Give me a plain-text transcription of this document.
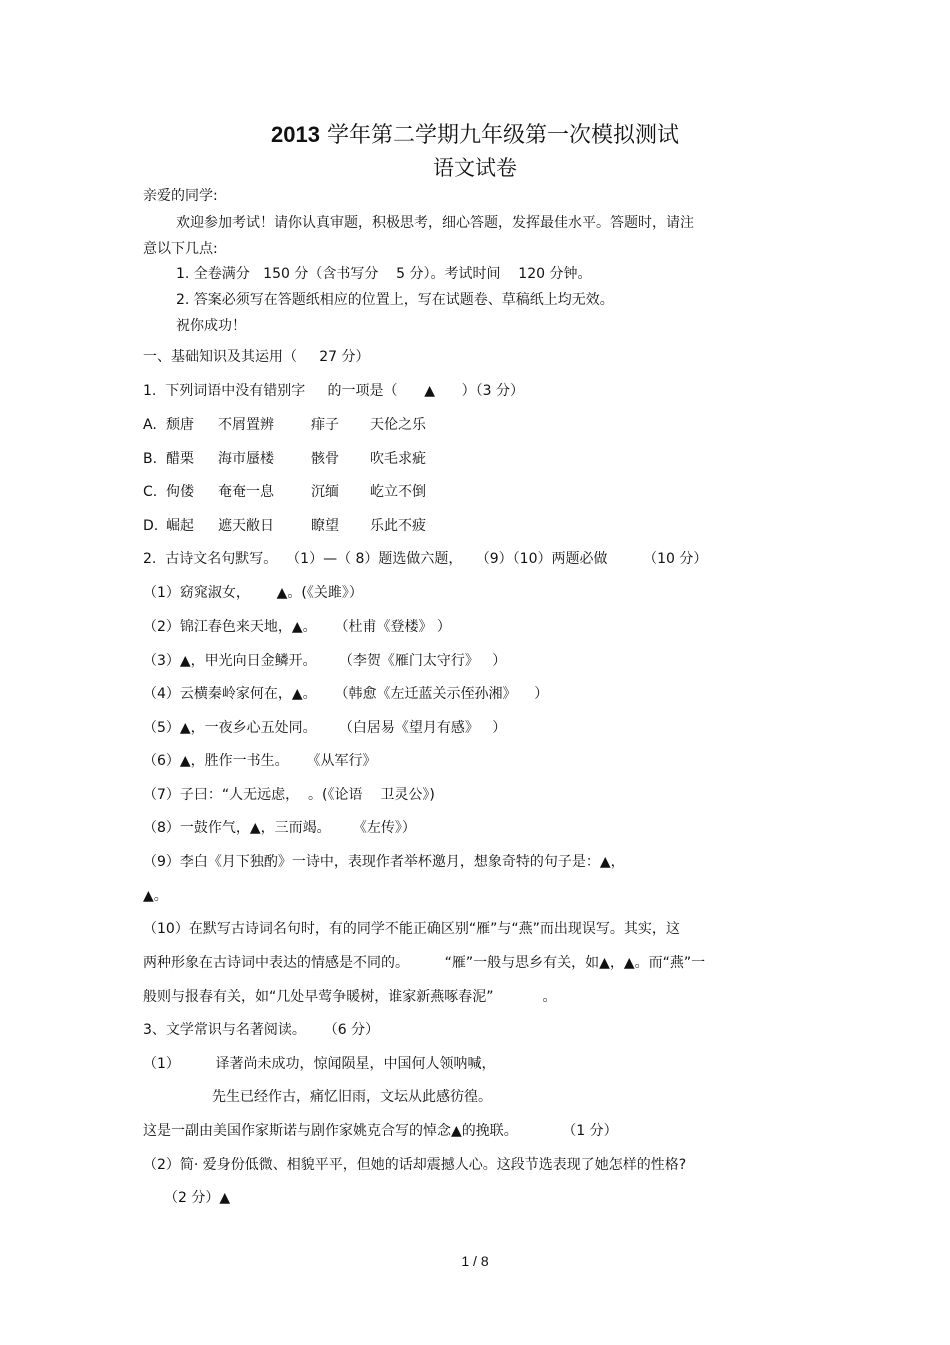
2013 学年第二学期九年级第一次模拟测试
语文试卷
亲爱的同学:
欢迎参加考试！请你认真审题，积极思考，细心答题，发挥最佳水平。答题时，请注
意以下几点:
1. 全卷满分   150 分（含书写分    5 分）。考试时间    120 分钟。
2. 答案必须写在答题纸相应的位置上，写在试题卷、草稿纸上均无效。
祝你成功！
一、基础知识及其运用（     27 分）
1.  下列词语中没有错别字     的一项是（      ▲      ）（3 分）
A. 颓唐 不屑置辨	痱子 天伦之乐
B. 醋栗 海市蜃楼	骸骨 吹毛求疵
C. 佝偻 奄奄一息	沉缅 屹立不倒
D. 崛起 遮天敝日	瞭望 乐此不疲
2.  古诗文名句默写。  （1）—（ 8）题选做六题，   （9）（10）两题必做        （10 分）
（1）窈窕淑女，      ▲。(《关雎》）
（2）锦江春色来天地，▲。    （杜甫《登楼》 ）
（3）▲，甲光向日金鳞开。     （李贺《雁门太守行》   ）
（4）云横秦岭家何在，▲。    （韩愈《左迁蓝关示侄孙湘》    ）
（5）▲，一夜乡心五处同。     （白居易《望月有感》   ）
（6）▲，胜作一书生。    《从军行》
（7）子曰：“人无远虑，  。(《论语    卫灵公》)
（8）一鼓作气，▲，三而竭。     《左传》）
（9）李白《月下独酌》一诗中，表现作者举杯邀月，想象奇特的句子是：▲，
▲。
（10）在默写古诗词名句时，有的同学不能正确区别“雁”与“燕”而出现误写。其实，这
两种形象在古诗词中表达的情感是不同的。        “雁”一般与思乡有关，如▲，▲。而“燕”一
般则与报春有关，如“几处早莺争暖树，谁家新燕啄春泥”           。
3、文学常识与名著阅读。    （6 分）
（1）        译著尚未成功，惊闻陨星，中国何人领呐喊，
先生已经作古，痛忆旧雨，文坛从此感彷徨。
这是一副由美国作家斯诺与剧作家姚克合写的悼念▲的挽联。          （1 分）
（2）简· 爱身份低微、相貌平平，但她的话却震撼人心。这段节选表现了她怎样的性格?
（2 分）▲
1 / 8
